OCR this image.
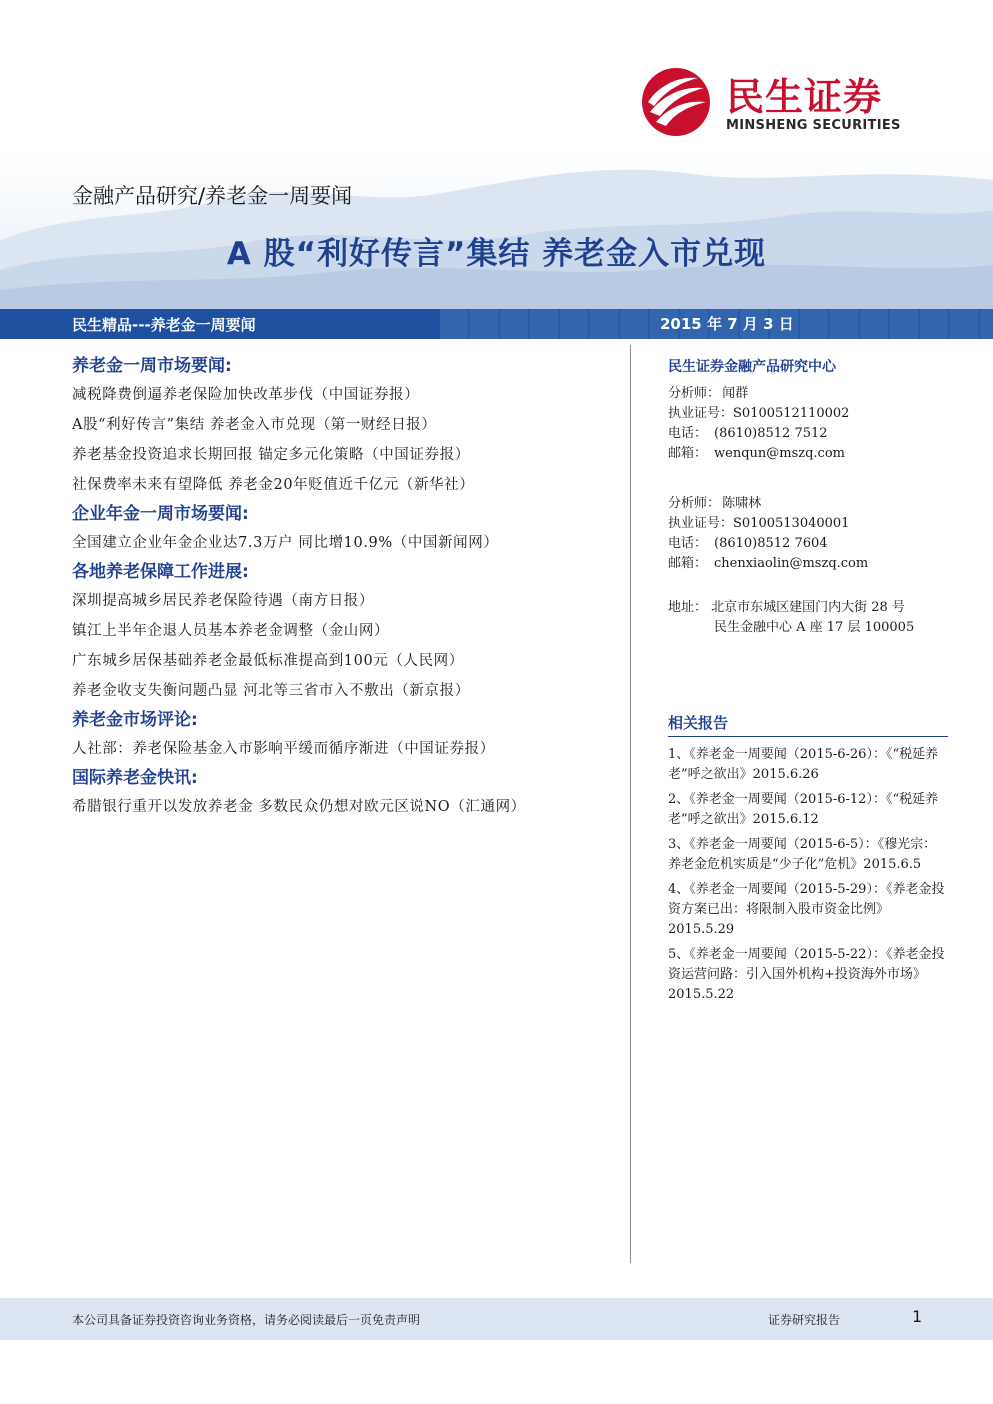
民生证券
MINSHENG SECURITIES
金融产品研究/养老金一周要闻
A 股“利好传言”集结 养老金入市兑现
民生精品---养老金一周要闻	2015 年 7 月 3 日
养老金一周市场要闻:
减税降费倒逼养老保险加快改革步伐（中国证券报）
A股“利好传言”集结 养老金入市兑现（第一财经日报）
养老基金投资追求长期回报 锚定多元化策略（中国证券报）
社保费率未来有望降低 养老金20年贬值近千亿元（新华社）
企业年金一周市场要闻:
全国建立企业年金企业达7.3万户 同比增10.9%（中国新闻网）
各地养老保障工作进展:
深圳提高城乡居民养老保险待遇（南方日报）
镇江上半年企退人员基本养老金调整（金山网）
广东城乡居保基础养老金最低标准提高到100元（人民网）
养老金收支失衡问题凸显 河北等三省市入不敷出（新京报）
养老金市场评论:
人社部：养老保险基金入市影响平缓而循序渐进（中国证券报）
国际养老金快讯:
希腊银行重开以发放养老金 多数民众仍想对欧元区说NO（汇通网）
民生证券金融产品研究中心
分析师： 闻群
执业证号：S0100512110002
电话： (8610)8512 7512
邮箱： wenqun@mszq.com
分析师： 陈啸林
执业证号：S0100513040001
电话： (8610)8512 7604
邮箱： chenxiaolin@mszq.com
地址： 北京市东城区建国门内大街 28 号
民生金融中心 A 座 17 层 100005
相关报告
1、《养老金一周要闻（2015-6-26）：《“税延养老”呼之欲出》2015.6.26
2、《养老金一周要闻（2015-6-12）：《“税延养老”呼之欲出》2015.6.12
3、《养老金一周要闻（2015-6-5）：《穆光宗：养老金危机实质是“少子化”危机》2015.6.5
4、《养老金一周要闻（2015-5-29）：《养老金投资方案已出：将限制入股市资金比例》2015.5.29
5、《养老金一周要闻（2015-5-22）：《养老金投资运营问路：引入国外机构+投资海外市场》2015.5.22
本公司具备证券投资咨询业务资格，请务必阅读最后一页免责声明	证券研究报告	1
